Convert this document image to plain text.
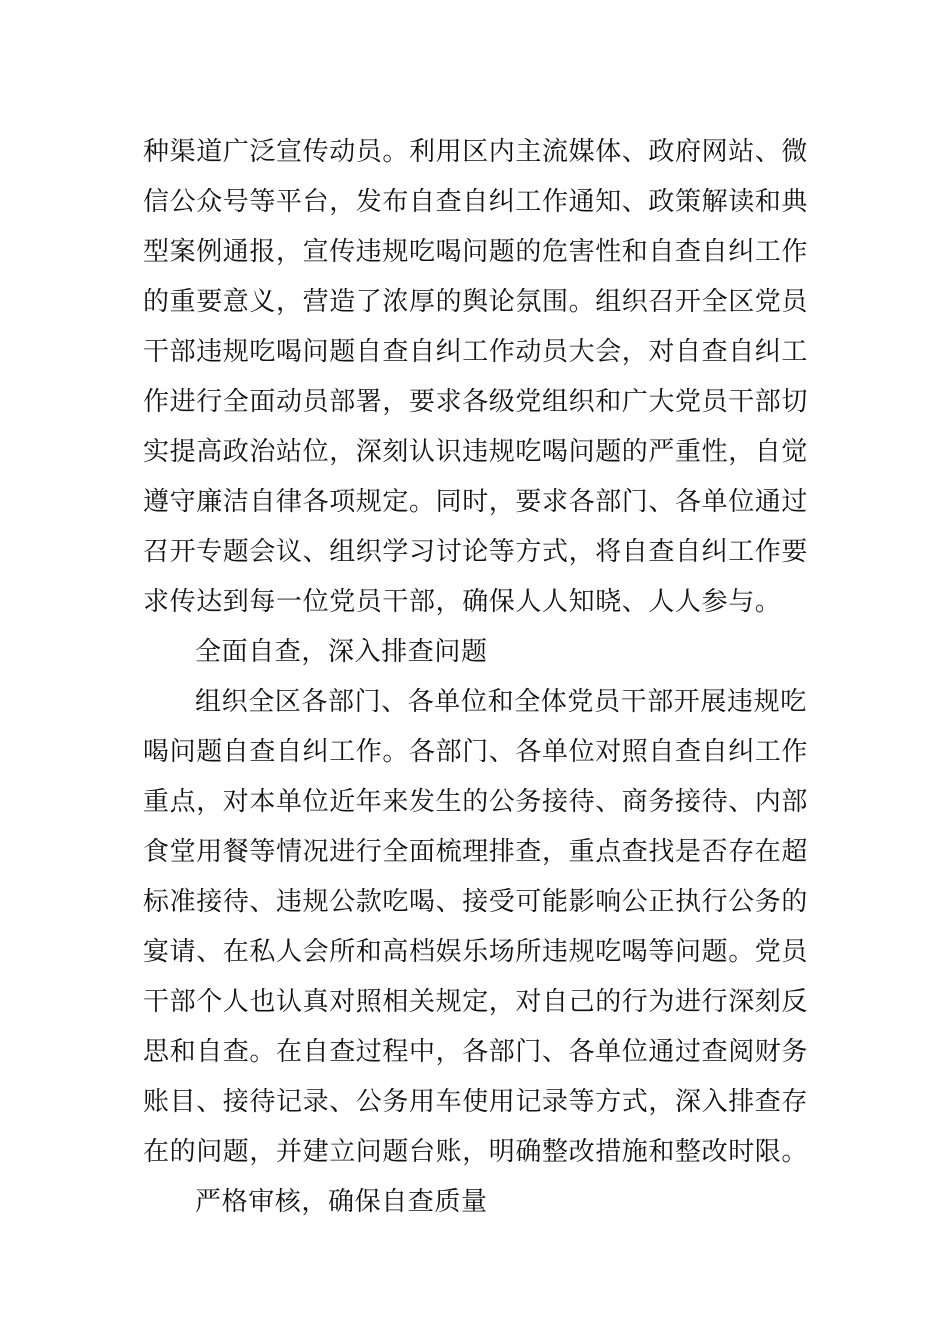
种渠道广泛宣传动员。利用区内主流媒体、政府网站、微
信公众号等平台，发布自查自纠工作通知、政策解读和典
型案例通报，宣传违规吃喝问题的危害性和自查自纠工作
的重要意义，营造了浓厚的舆论氛围。组织召开全区党员
干部违规吃喝问题自查自纠工作动员大会，对自查自纠工
作进行全面动员部署，要求各级党组织和广大党员干部切
实提高政治站位，深刻认识违规吃喝问题的严重性，自觉
遵守廉洁自律各项规定。同时，要求各部门、各单位通过
召开专题会议、组织学习讨论等方式，将自查自纠工作要
求传达到每一位党员干部，确保人人知晓、人人参与。
全面自查，深入排查问题
组织全区各部门、各单位和全体党员干部开展违规吃
喝问题自查自纠工作。各部门、各单位对照自查自纠工作
重点，对本单位近年来发生的公务接待、商务接待、内部
食堂用餐等情况进行全面梳理排查，重点查找是否存在超
标准接待、违规公款吃喝、接受可能影响公正执行公务的
宴请、在私人会所和高档娱乐场所违规吃喝等问题。党员
干部个人也认真对照相关规定，对自己的行为进行深刻反
思和自查。在自查过程中，各部门、各单位通过查阅财务
账目、接待记录、公务用车使用记录等方式，深入排查存
在的问题，并建立问题台账，明确整改措施和整改时限。
严格审核，确保自查质量
